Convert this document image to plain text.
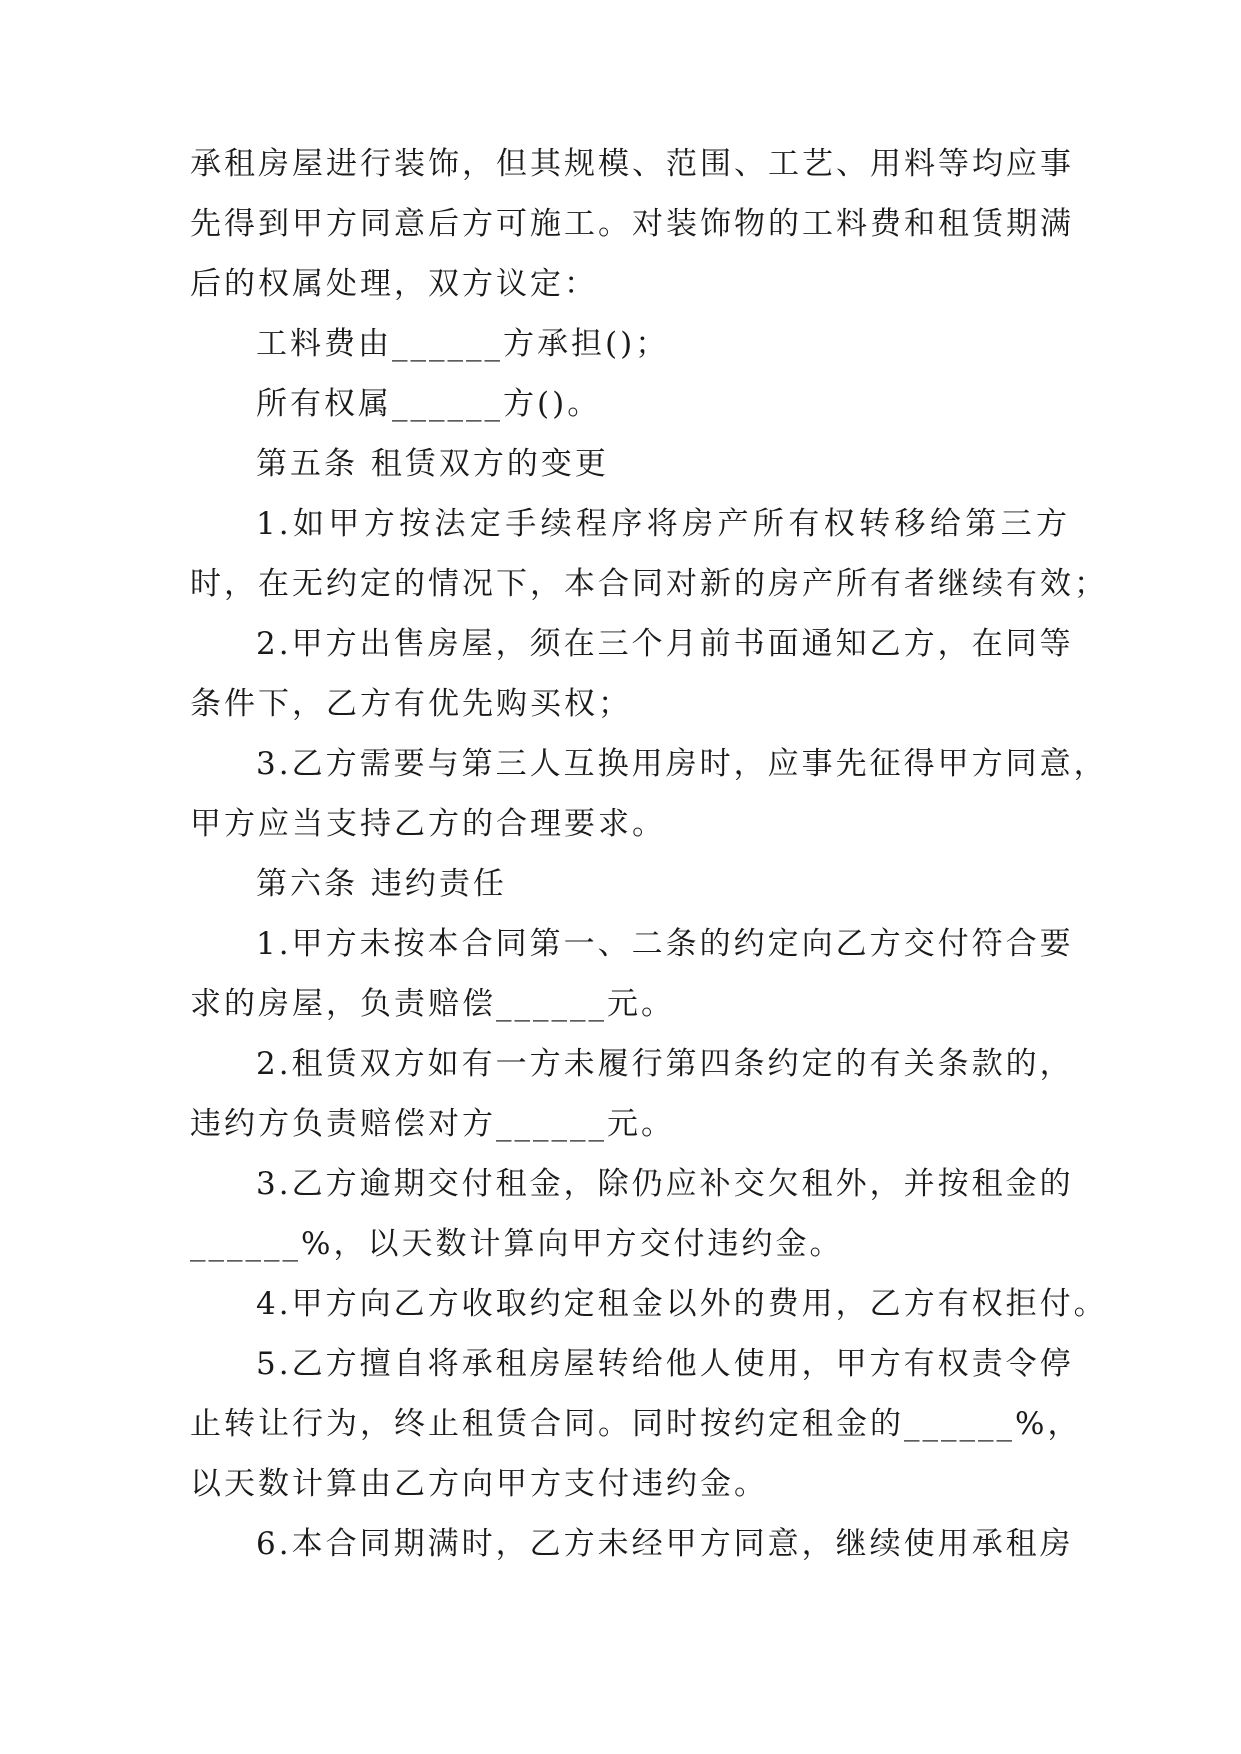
承租房屋进行装饰，但其规模、范围、工艺、用料等均应事
先得到甲方同意后方可施工。对装饰物的工料费和租赁期满
后的权属处理，双方议定：
工料费由______方承担()；
所有权属______方()。
第五条 租赁双方的变更
1.如甲方按法定手续程序将房产所有权转移给第三方
时，在无约定的情况下，本合同对新的房产所有者继续有效；
2.甲方出售房屋，须在三个月前书面通知乙方，在同等
条件下，乙方有优先购买权；
3.乙方需要与第三人互换用房时，应事先征得甲方同意，
甲方应当支持乙方的合理要求。
第六条 违约责任
1.甲方未按本合同第一、二条的约定向乙方交付符合要
求的房屋，负责赔偿______元。
2.租赁双方如有一方未履行第四条约定的有关条款的，
违约方负责赔偿对方______元。
3.乙方逾期交付租金，除仍应补交欠租外，并按租金的
______%，以天数计算向甲方交付违约金。
4.甲方向乙方收取约定租金以外的费用，乙方有权拒付。
5.乙方擅自将承租房屋转给他人使用，甲方有权责令停
止转让行为，终止租赁合同。同时按约定租金的______%，
以天数计算由乙方向甲方支付违约金。
6.本合同期满时，乙方未经甲方同意，继续使用承租房
